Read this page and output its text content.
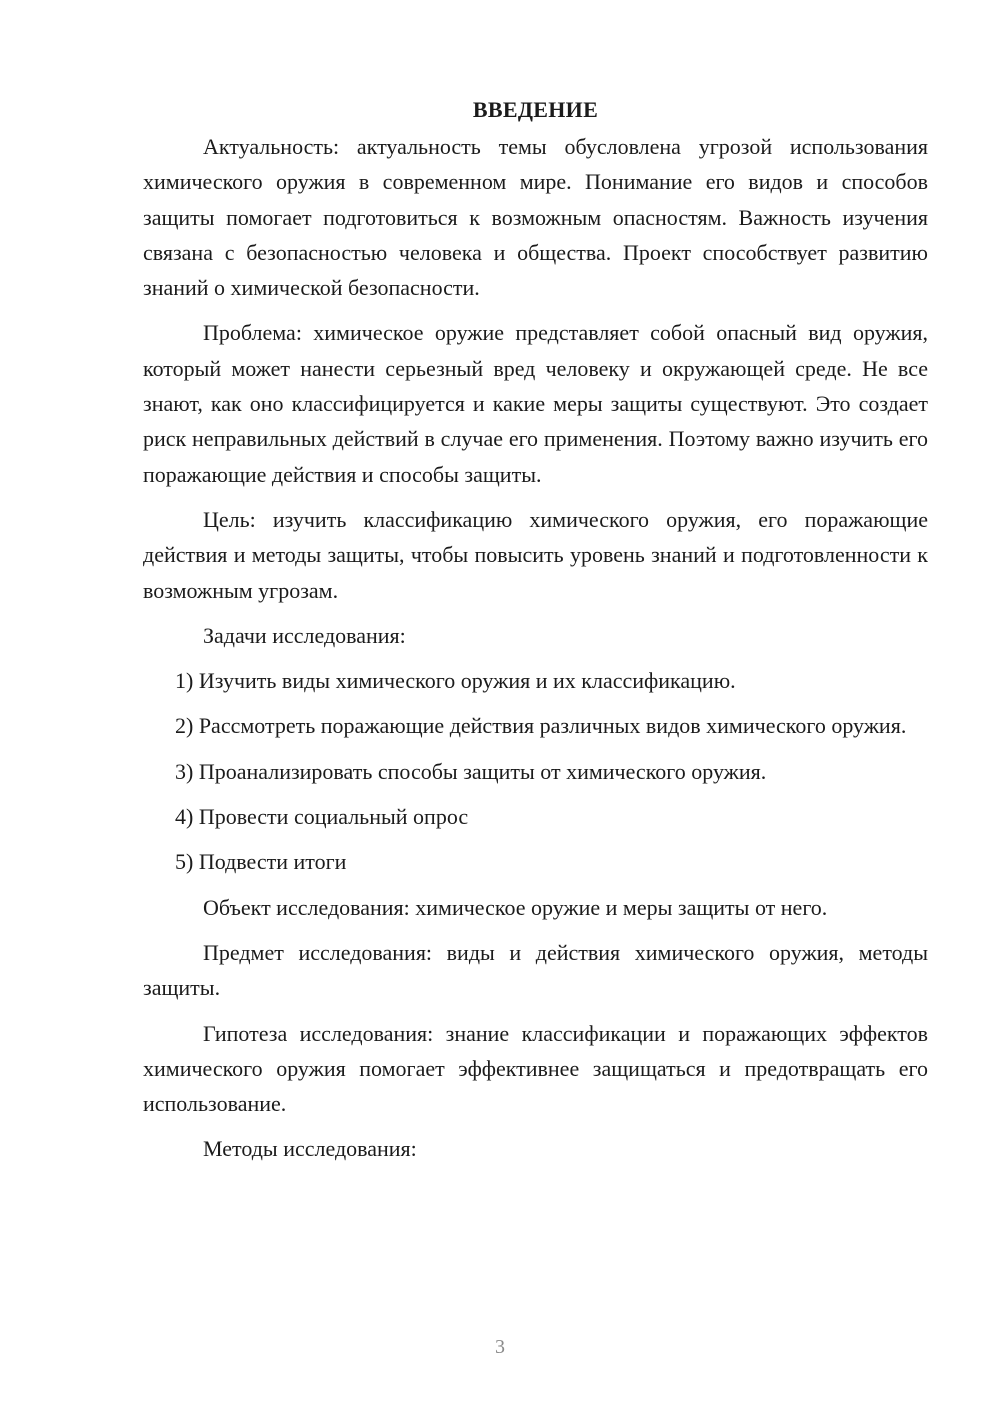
ВВЕДЕНИЕ

Актуальность: актуальность темы обусловлена угрозой использования химического оружия в современном мире. Понимание его видов и способов защиты помогает подготовиться к возможным опасностям. Важность изучения связана с безопасностью человека и общества. Проект способствует развитию знаний о химической безопасности.

Проблема: химическое оружие представляет собой опасный вид оружия, который может нанести серьезный вред человеку и окружающей среде. Не все знают, как оно классифицируется и какие меры защиты существуют. Это создает риск неправильных действий в случае его применения. Поэтому важно изучить его поражающие действия и способы защиты.

Цель: изучить классификацию химического оружия, его поражающие действия и методы защиты, чтобы повысить уровень знаний и подготовленности к возможным угрозам.

Задачи исследования:

1) Изучить виды химического оружия и их классификацию.

2) Рассмотреть поражающие действия различных видов химического оружия.

3) Проанализировать способы защиты от химического оружия.

4) Провести социальный опрос

5) Подвести итоги

Объект исследования: химическое оружие и меры защиты от него.

Предмет исследования: виды и действия химического оружия, методы защиты.

Гипотеза исследования: знание классификации и поражающих эффектов химического оружия помогает эффективнее защищаться и предотвращать его использование.

Методы исследования:

3
